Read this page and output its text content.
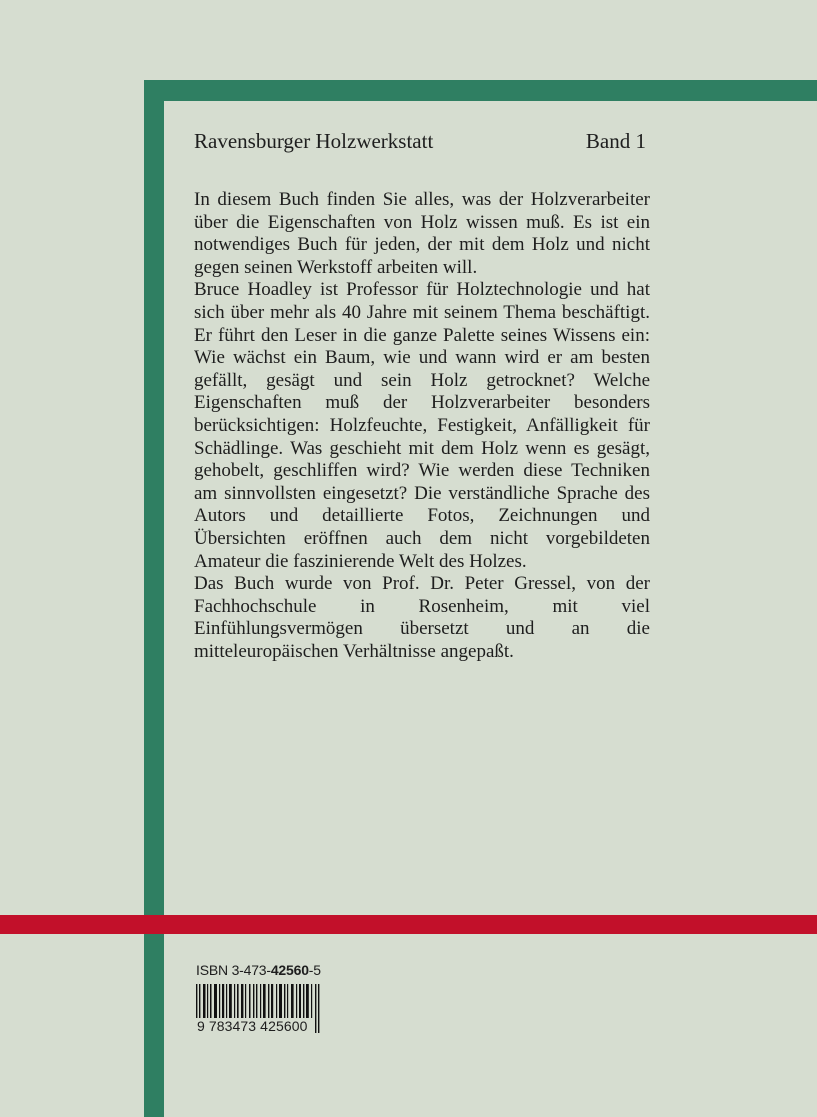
Ravensburger Holzwerkstatt	Band 1

In diesem Buch finden Sie alles, was der Holzverarbeiter über die Eigenschaften von Holz wissen muß. Es ist ein notwendiges Buch für jeden, der mit dem Holz und nicht gegen seinen Werkstoff arbeiten will.

Bruce Hoadley ist Professor für Holztechnologie und hat sich über mehr als 40 Jahre mit seinem Thema beschäftigt. Er führt den Leser in die ganze Palette seines Wissens ein: Wie wächst ein Baum, wie und wann wird er am besten gefällt, gesägt und sein Holz getrocknet? Welche Eigenschaften muß der Holzverarbeiter besonders berücksichtigen: Holzfeuchte, Festigkeit, Anfälligkeit für Schädlinge. Was geschieht mit dem Holz wenn es gesägt, gehobelt, geschliffen wird? Wie werden diese Techniken am sinnvollsten eingesetzt? Die verständliche Sprache des Autors und detaillierte Fotos, Zeichnungen und Übersichten eröffnen auch dem nicht vorgebildeten Amateur die faszinierende Welt des Holzes.

Das Buch wurde von Prof. Dr. Peter Gressel, von der Fachhochschule in Rosenheim, mit viel Einfühlungsvermögen übersetzt und an die mitteleuropäischen Verhältnisse angepaßt.

ISBN 3-473-42560-5
9 783473 425600
